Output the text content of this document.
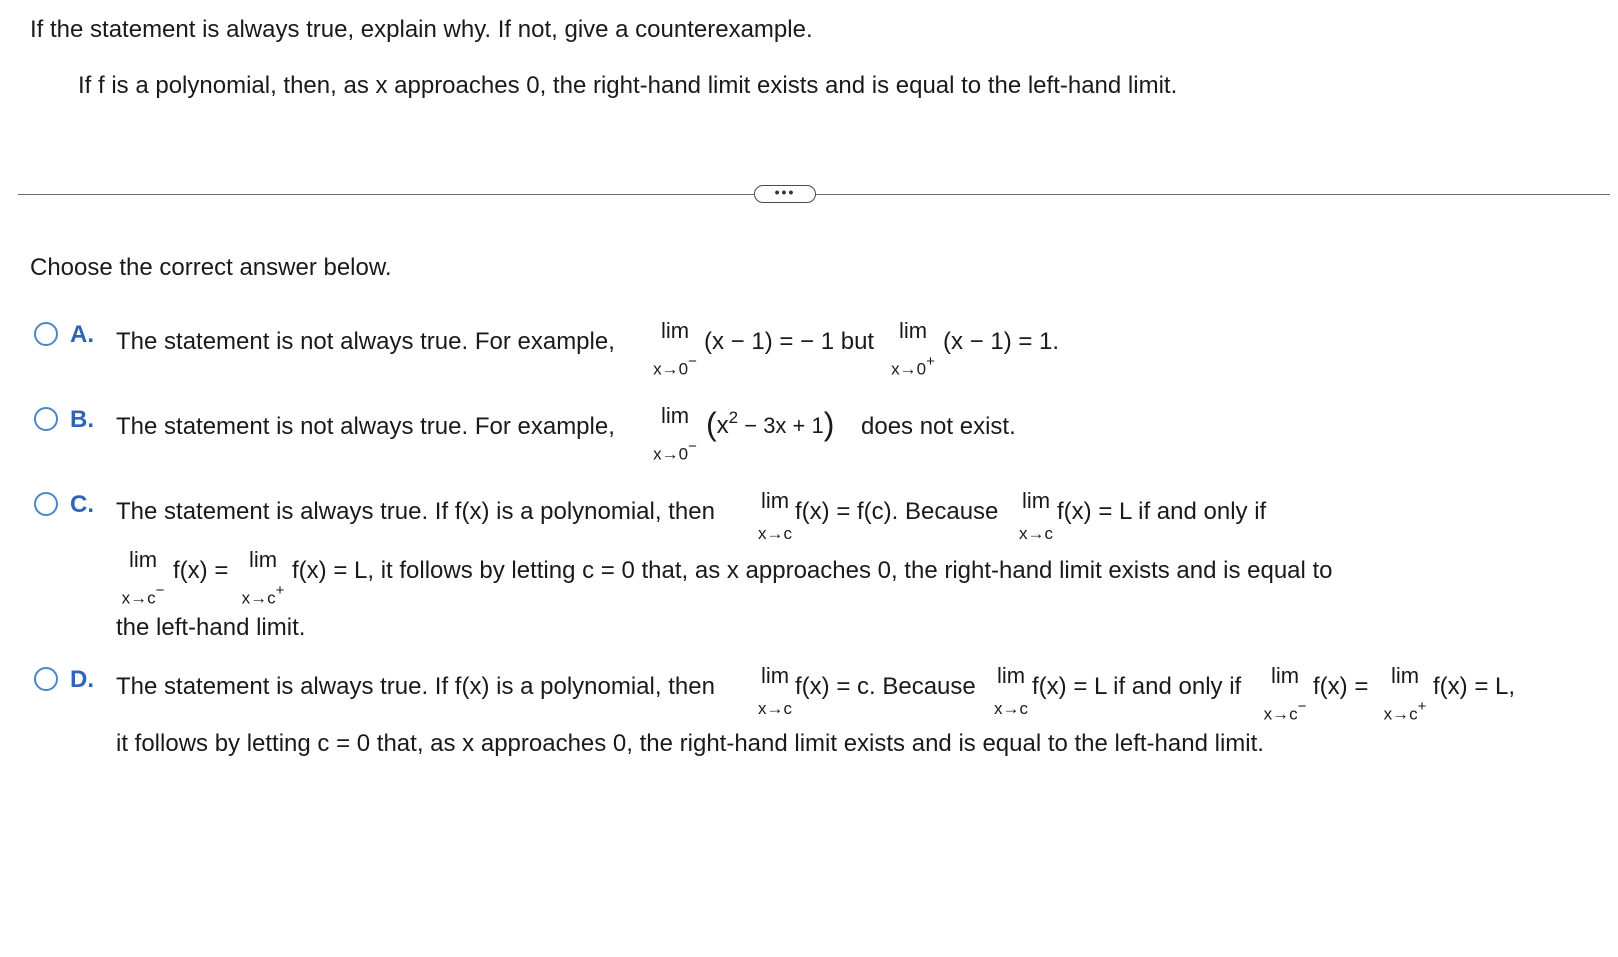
If the statement is always true, explain why. If not, give a counterexample.
If f is a polynomial, then, as x approaches 0, the right-hand limit exists and is equal to the left-hand limit.
•••
Choose the correct answer below.
A. The statement is not always true. For example,	lim
x→0−
(x − 1) = − 1 but	lim
x→0+
(x − 1) = 1.
B. The statement is not always true. For example,	lim
x→0−
$(x^2 - 3x + 1)$ does not exist.
C. The statement is always true. If f(x) is a polynomial, then	lim
x→c
f(x) = f(c). Because	lim
x→c
f(x) = L if and only if
lim
x→c−
f(x) = lim
x→c+
f(x) = L, it follows by letting c = 0 that, as x approaches 0, the right-hand limit exists and is equal to
the left-hand limit.
D. The statement is always true. If f(x) is a polynomial, then	lim
x→c
f(x) = c. Because lim
x→c
f(x) = L if and only if	lim
x→c−
f(x) =	lim
x→c+
f(x) = L,
it follows by letting c = 0 that, as x approaches 0, the right-hand limit exists and is equal to the left-hand limit.
